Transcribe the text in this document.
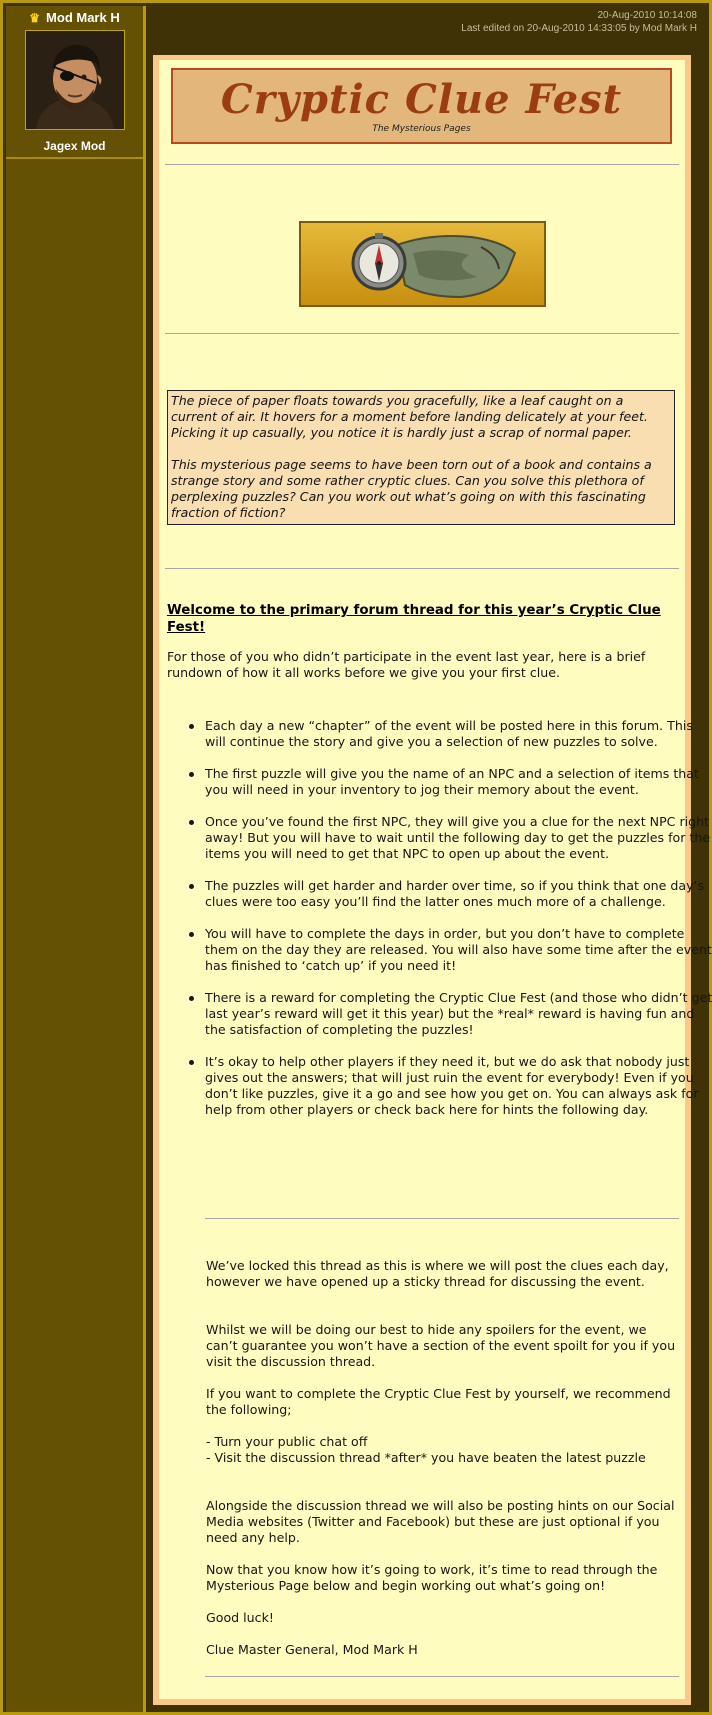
♛ Mod Mark H
Jagex Mod
20-Aug-2010 10:14:08
Last edited on 20-Aug-2010 14:33:05 by Mod Mark H
Cryptic Clue Fest
The Mysterious Pages

The piece of paper floats towards you gracefully, like a leaf caught on a current of air. It hovers for a moment before landing delicately at your feet. Picking it up casually, you notice it is hardly just a scrap of normal paper.

This mysterious page seems to have been torn out of a book and contains a strange story and some rather cryptic clues. Can you solve this plethora of perplexing puzzles? Can you work out what’s going on with this fascinating fraction of fiction?

Welcome to the primary forum thread for this year’s Cryptic Clue Fest!
For those of you who didn’t participate in the event last year, here is a brief rundown of how it all works before we give you your first clue.
Each day a new “chapter” of the event will be posted here in this forum. This will continue the story and give you a selection of new puzzles to solve.
The first puzzle will give you the name of an NPC and a selection of items that you will need in your inventory to jog their memory about the event.
Once you’ve found the first NPC, they will give you a clue for the next NPC right away! But you will have to wait until the following day to get the puzzles for the items you will need to get that NPC to open up about the event.
The puzzles will get harder and harder over time, so if you think that one day’s clues were too easy you’ll find the latter ones much more of a challenge.
You will have to complete the days in order, but you don’t have to complete them on the day they are released. You will also have some time after the event has finished to ‘catch up’ if you need it!
There is a reward for completing the Cryptic Clue Fest (and those who didn’t get last year’s reward will get it this year) but the *real* reward is having fun and the satisfaction of completing the puzzles!
It’s okay to help other players if they need it, but we do ask that nobody just gives out the answers; that will just ruin the event for everybody! Even if you don’t like puzzles, give it a go and see how you get on. You can always ask for help from other players or check back here for hints the following day.
We’ve locked this thread as this is where we will post the clues each day, however we have opened up a sticky thread for discussing the event.
Whilst we will be doing our best to hide any spoilers for the event, we can’t guarantee you won’t have a section of the event spoilt for you if you visit the discussion thread.
If you want to complete the Cryptic Clue Fest by yourself, we recommend the following;
- Turn your public chat off
- Visit the discussion thread *after* you have beaten the latest puzzle
Alongside the discussion thread we will also be posting hints on our Social Media websites (Twitter and Facebook) but these are just optional if you need any help.
Now that you know how it’s going to work, it’s time to read through the Mysterious Page below and begin working out what’s going on!
Good luck!
Clue Master General, Mod Mark H
